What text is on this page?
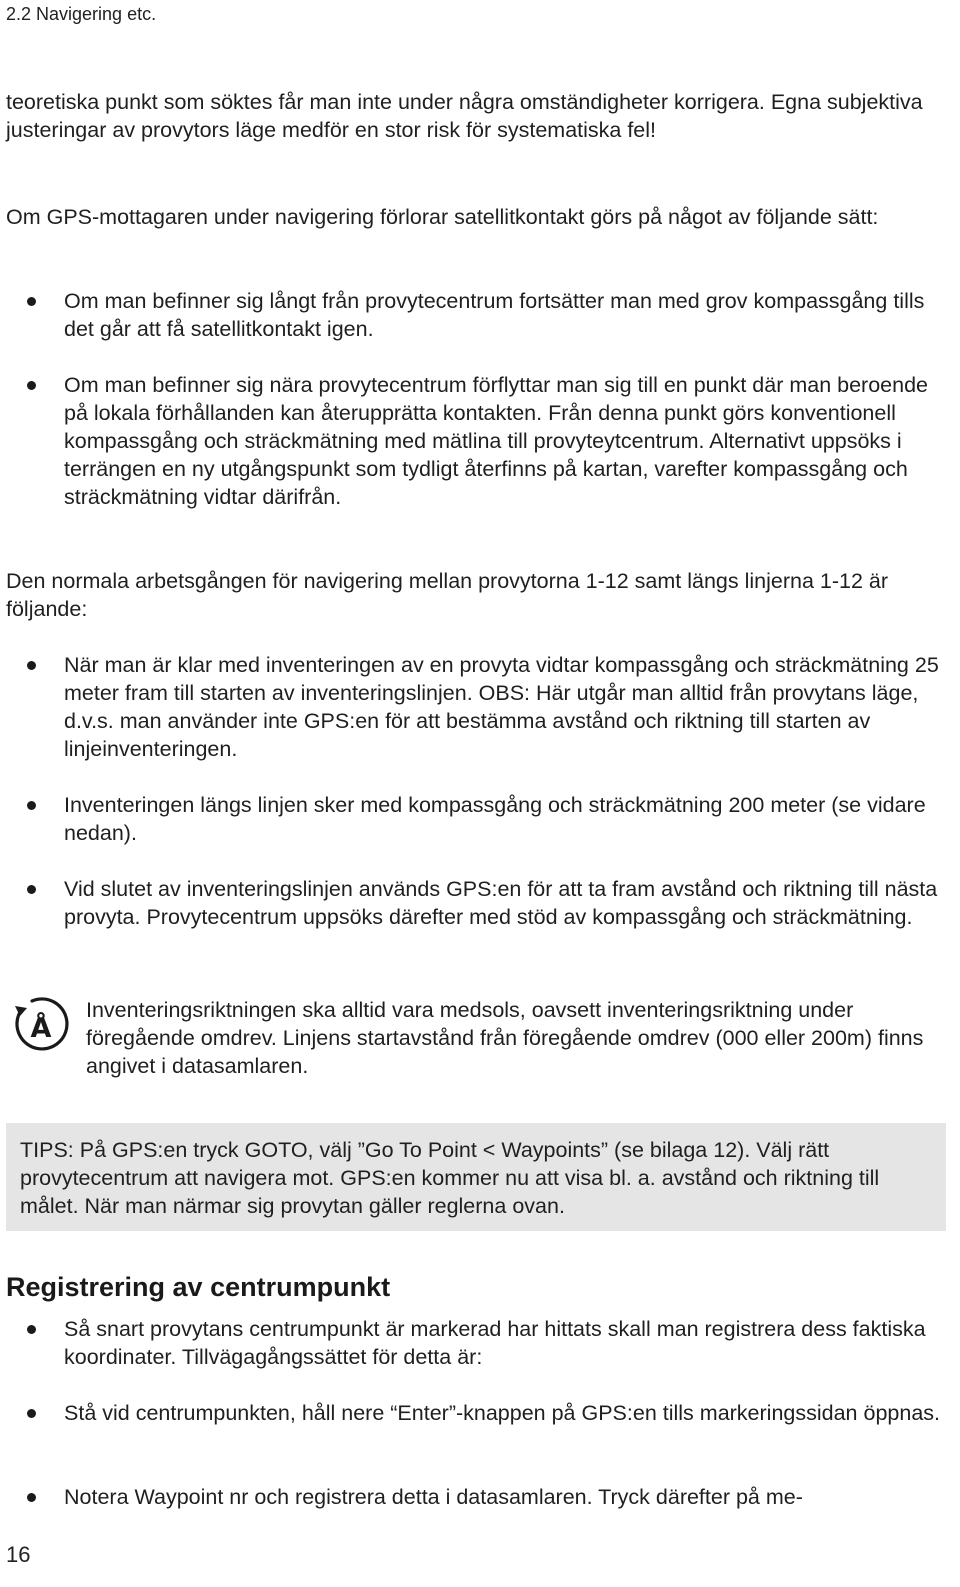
2.2 Navigering etc.
teoretiska punkt som söktes får man inte under några omständigheter korrigera. Egna subjektiva justeringar av provytors läge medför en stor risk för systematiska fel!
Om GPS-mottagaren under navigering förlorar satellitkontakt görs på något av följande sätt:
Om man befinner sig långt från provytecentrum fortsätter man med grov kompassgång tills det går att få satellitkontakt igen.
Om man befinner sig nära provytecentrum förflyttar man sig till en punkt där man beroende på lokala förhållanden kan återupprätta kontakten. Från denna punkt görs konventionell kompassgång och sträckmätning med mätlina till provyteytcentrum. Alternativt uppsöks i terrängen en ny utgångspunkt som tydligt återfinns på kartan, varefter kompassgång och sträckmätning vidtar därifrån.
Den normala arbetsgången för navigering mellan provytorna 1-12 samt längs linjerna 1-12 är följande:
När man är klar med inventeringen av en provyta vidtar kompassgång och sträckmätning 25 meter fram till starten av inventeringslinjen. OBS: Här utgår man alltid från provytans läge, d.v.s. man använder inte GPS:en för att bestämma avstånd och riktning till starten av linjeinventeringen.
Inventeringen längs linjen sker med kompassgång och sträckmätning 200 meter (se vidare nedan).
Vid slutet av inventeringslinjen används GPS:en för att ta fram avstånd och riktning till nästa provyta. Provytecentrum uppsöks därefter med stöd av kompassgång och sträckmätning.
Å
Inventeringsriktningen ska alltid vara medsols, oavsett inventeringsriktning under föregående omdrev. Linjens startavstånd från föregående omdrev (000 eller 200m) finns angivet i datasamlaren.
TIPS: På GPS:en tryck GOTO, välj ”Go To Point < Waypoints” (se bilaga 12). Välj rätt provytecentrum att navigera mot. GPS:en kommer nu att visa bl. a. avstånd och riktning till målet. När man närmar sig provytan gäller reglerna ovan.
Registrering av centrumpunkt
Så snart provytans centrumpunkt är markerad har hittats skall man registrera dess faktiska koordinater. Tillvägagångssättet för detta är:
Stå vid centrumpunkten, håll nere “Enter”-knappen på GPS:en tills markeringssidan öppnas.
Notera Waypoint nr och registrera detta i datasamlaren. Tryck därefter på me-
16
